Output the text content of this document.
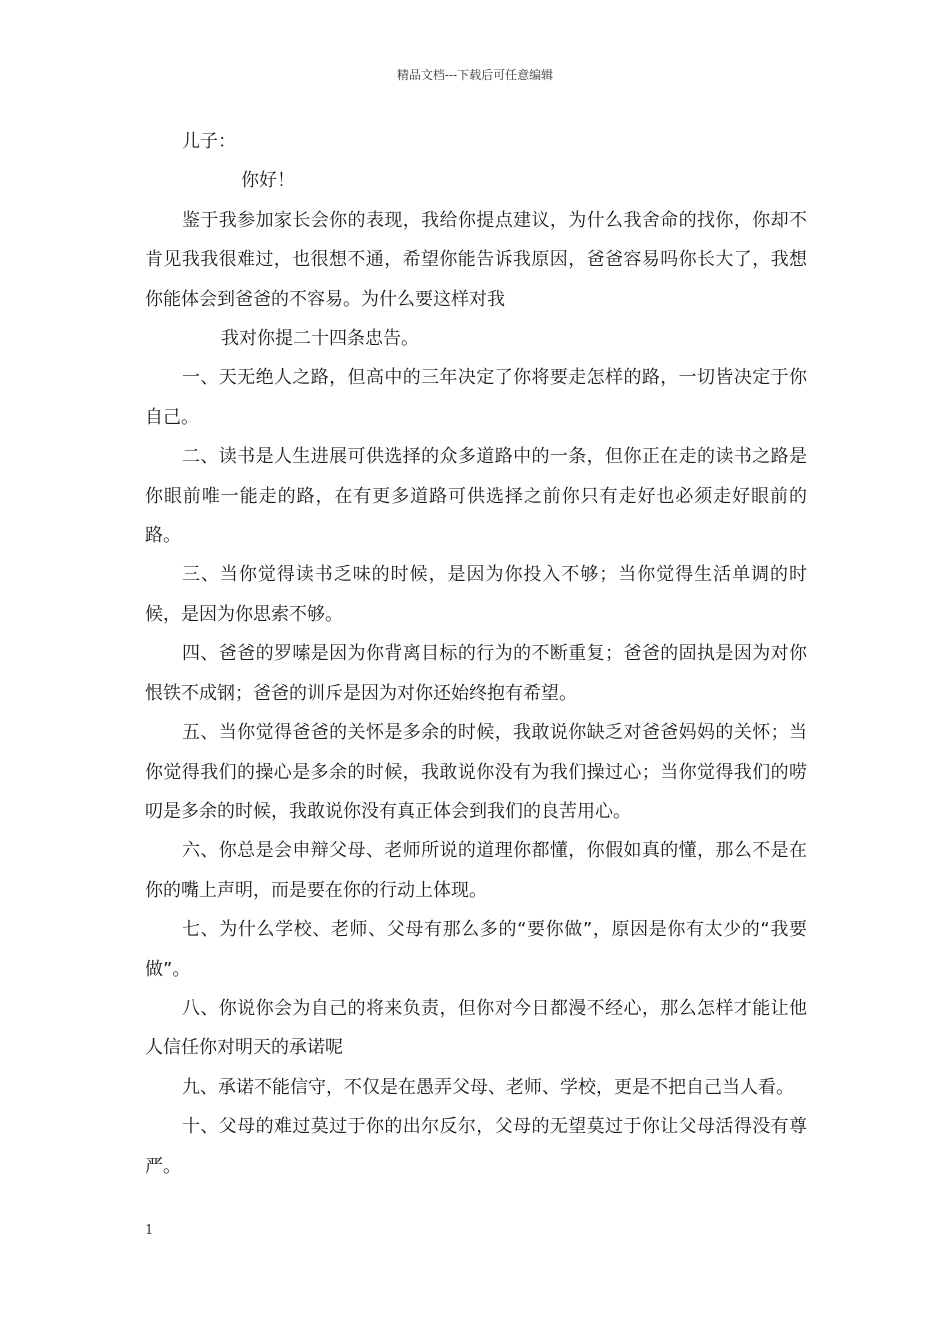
精品文档---下载后可任意编辑

儿子：

你好！

鉴于我参加家长会你的表现，我给你提点建议，为什么我舍命的找你，你却不肯见我我很难过，也很想不通，希望你能告诉我原因，爸爸容易吗你长大了，我想你能体会到爸爸的不容易。为什么要这样对我

我对你提二十四条忠告。

一、天无绝人之路，但高中的三年决定了你将要走怎样的路，一切皆决定于你自己。

二、读书是人生进展可供选择的众多道路中的一条，但你正在走的读书之路是你眼前唯一能走的路，在有更多道路可供选择之前你只有走好也必须走好眼前的路。

三、当你觉得读书乏味的时候，是因为你投入不够；当你觉得生活单调的时候，是因为你思索不够。

四、爸爸的罗嗦是因为你背离目标的行为的不断重复；爸爸的固执是因为对你恨铁不成钢；爸爸的训斥是因为对你还始终抱有希望。

五、当你觉得爸爸的关怀是多余的时候，我敢说你缺乏对爸爸妈妈的关怀；当你觉得我们的操心是多余的时候，我敢说你没有为我们操过心；当你觉得我们的唠叨是多余的时候，我敢说你没有真正体会到我们的良苦用心。

六、你总是会申辩父母、老师所说的道理你都懂，你假如真的懂，那么不是在你的嘴上声明，而是要在你的行动上体现。

七、为什么学校、老师、父母有那么多的“要你做”，原因是你有太少的“我要做”。

八、你说你会为自己的将来负责，但你对今日都漫不经心，那么怎样才能让他人信任你对明天的承诺呢

九、承诺不能信守，不仅是在愚弄父母、老师、学校，更是不把自己当人看。

十、父母的难过莫过于你的出尔反尔，父母的无望莫过于你让父母活得没有尊严。

1
